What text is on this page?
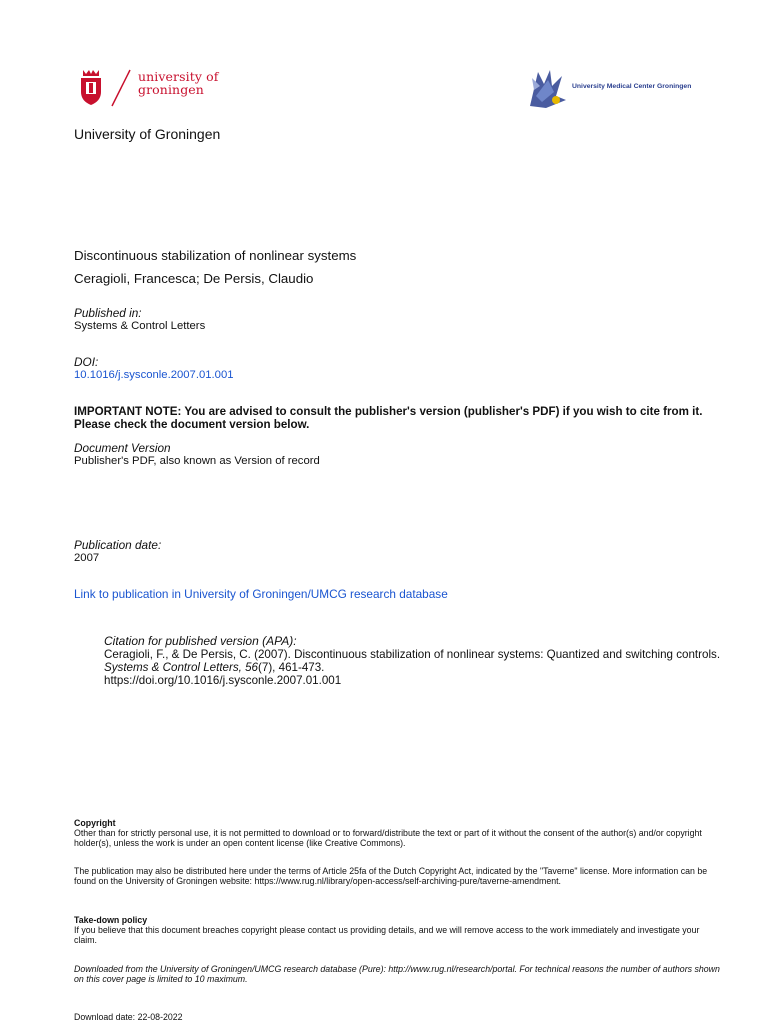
university of
groningen	University Medical Center Groningen
University of Groningen
Discontinuous stabilization of nonlinear systems
Ceragioli, Francesca; De Persis, Claudio
Published in:
Systems & Control Letters
DOI:
10.1016/j.sysconle.2007.01.001
IMPORTANT NOTE: You are advised to consult the publisher's version (publisher's PDF) if you wish to cite from it. Please check the document version below.
Document Version
Publisher's PDF, also known as Version of record
Publication date:
2007
Link to publication in University of Groningen/UMCG research database
Citation for published version (APA):
Ceragioli, F., & De Persis, C. (2007). Discontinuous stabilization of nonlinear systems: Quantized and switching controls. Systems & Control Letters, 56(7), 461-473.
https://doi.org/10.1016/j.sysconle.2007.01.001
Copyright
Other than for strictly personal use, it is not permitted to download or to forward/distribute the text or part of it without the consent of the author(s) and/or copyright holder(s), unless the work is under an open content license (like Creative Commons).
The publication may also be distributed here under the terms of Article 25fa of the Dutch Copyright Act, indicated by the "Taverne" license. More information can be found on the University of Groningen website: https://www.rug.nl/library/open-access/self-archiving-pure/taverne-amendment.
Take-down policy
If you believe that this document breaches copyright please contact us providing details, and we will remove access to the work immediately and investigate your claim.
Downloaded from the University of Groningen/UMCG research database (Pure): http://www.rug.nl/research/portal. For technical reasons the number of authors shown on this cover page is limited to 10 maximum.
Download date: 22-08-2022
